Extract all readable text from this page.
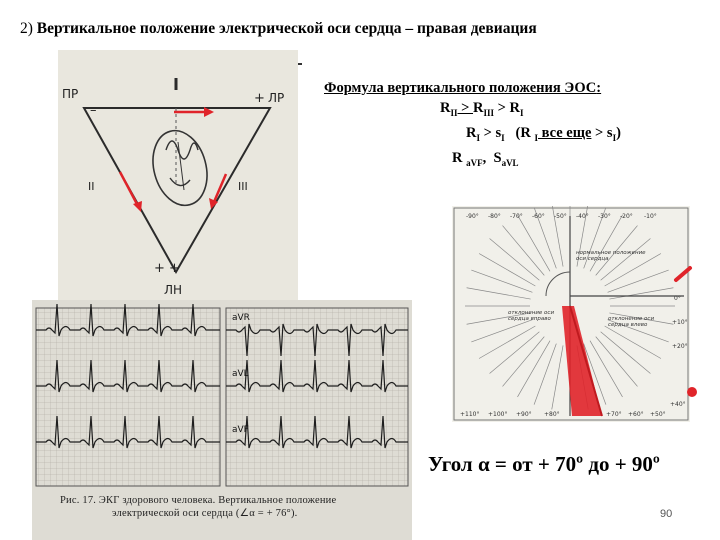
2) Вертикальное положение электрической оси сердца – правая девиация
ПР
–
+ ЛР
II	III
+ +
ЛН
Формула вертикального положения ЭОС:
$R_{II} > R_{III} > R_I$
$R_I > s_I$   (R $_I$ все еще > $s_I$)
R $_{aVF}$,  $S_{aVL}$
aVR
aVL
aVF
Рис. 17. ЭКГ здорового человека. Вертикальное положение
электрической оси сердца (∠α = + 76°).
-90° -80° -70° -60° -50° -40° -30° -20° -10°
+110° +100° +90° +80°	+70° +60° +50°
+40°
0°
+10°
+20°
нормальное положение оси сердца
отклонение оси сердца вправо	отклонение оси сердца влево
Угол α = от + 70º до + 90º
90
